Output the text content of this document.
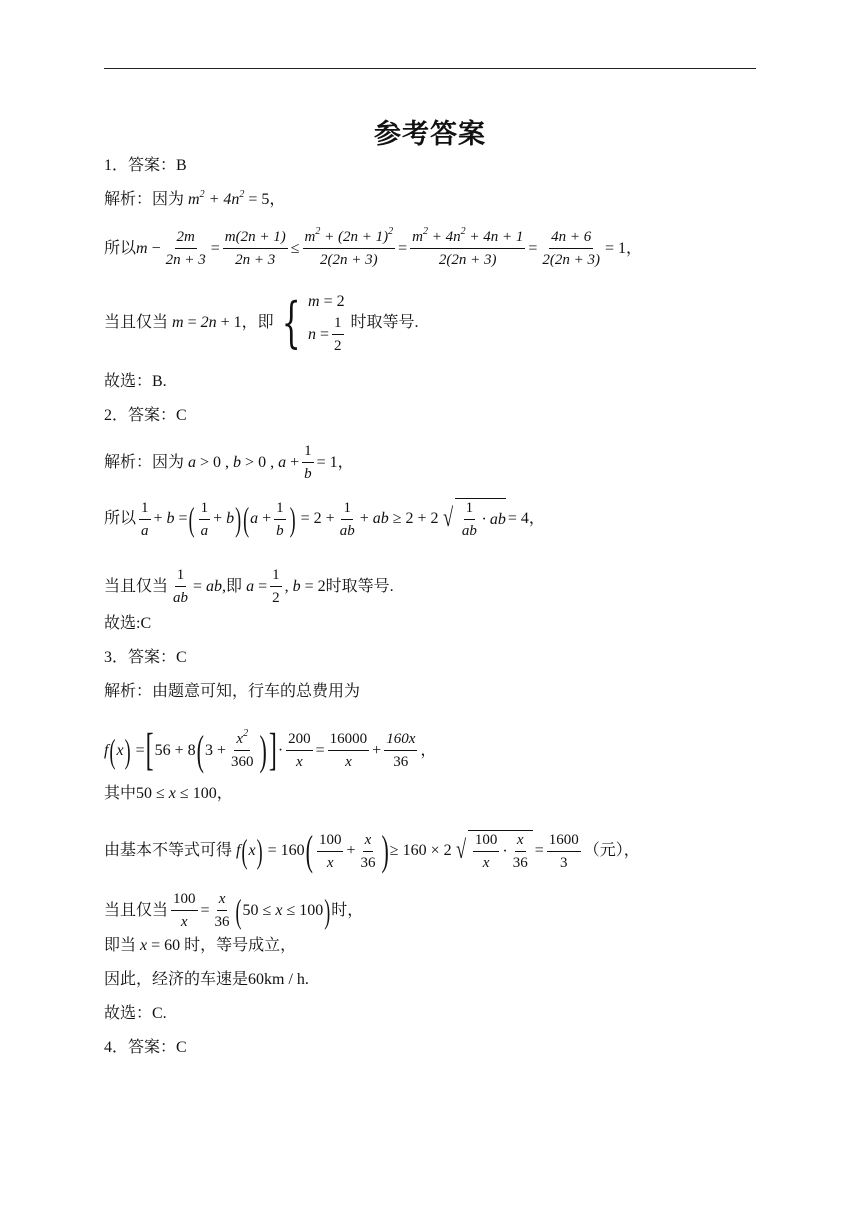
参考答案
1．答案：B
解析：因为 $m^2 + 4n^2 = 5$ ，
所以 $m - \frac{2m}{2n + 3} = \frac{m(2n + 1)}{2n + 3} \le \frac{m^2 + (2n + 1)^2}{2(2n + 3)} = \frac{m^2 + 4n^2 + 4n + 1}{2(2n + 3)} = \frac{4n + 6}{2(2n + 3)} = 1$，
当且仅当 m = 2n + 1 ，即 { m = 2
$n = \frac{1}{2}$ 时取等号.
故选：B.
2．答案：C
解析：因为 a > 0 , b > 0 , $a + \frac{1}{b} = 1$，
所以 $\frac{1}{a} + b$ = ( $\frac{1}{a} + b$ ) ( $a + \frac{1}{b}$ ) = $2 + \frac{1}{ab}$ + ab ≥ 2 + 2 √ $\frac{1}{ab}$ · ab = 4，
当且仅当 $\frac{1}{ab}$ = ab ,即 $a = \frac{1}{2}$ , b = 2 时取等号.
故选:C
3．答案：C
解析：由题意可知，行车的总费用为
f ( x ) = [ 56 + 8 ( $3 + \frac{x^2}{360}$ ) ] · $\frac{200}{x} = \frac{16000}{x} + \frac{160x}{36}$ ，
其中 50 ≤ x ≤ 100 ，
由基本不等式可得 f ( x ) = 160 ( $\frac{100}{x} + \frac{x}{36}$ ) ≥ 160 × 2 √ $\frac{100}{x} \cdot \frac{x}{36} = \frac{1600}{3}$ （元），
当且仅当 $\frac{100}{x} = \frac{x}{36}$ ( 50 ≤ x ≤ 100 ) 时，
即当 x = 60 时，等号成立，
因此，经济的车速是 60km / h .
故选：C.
4．答案：C
